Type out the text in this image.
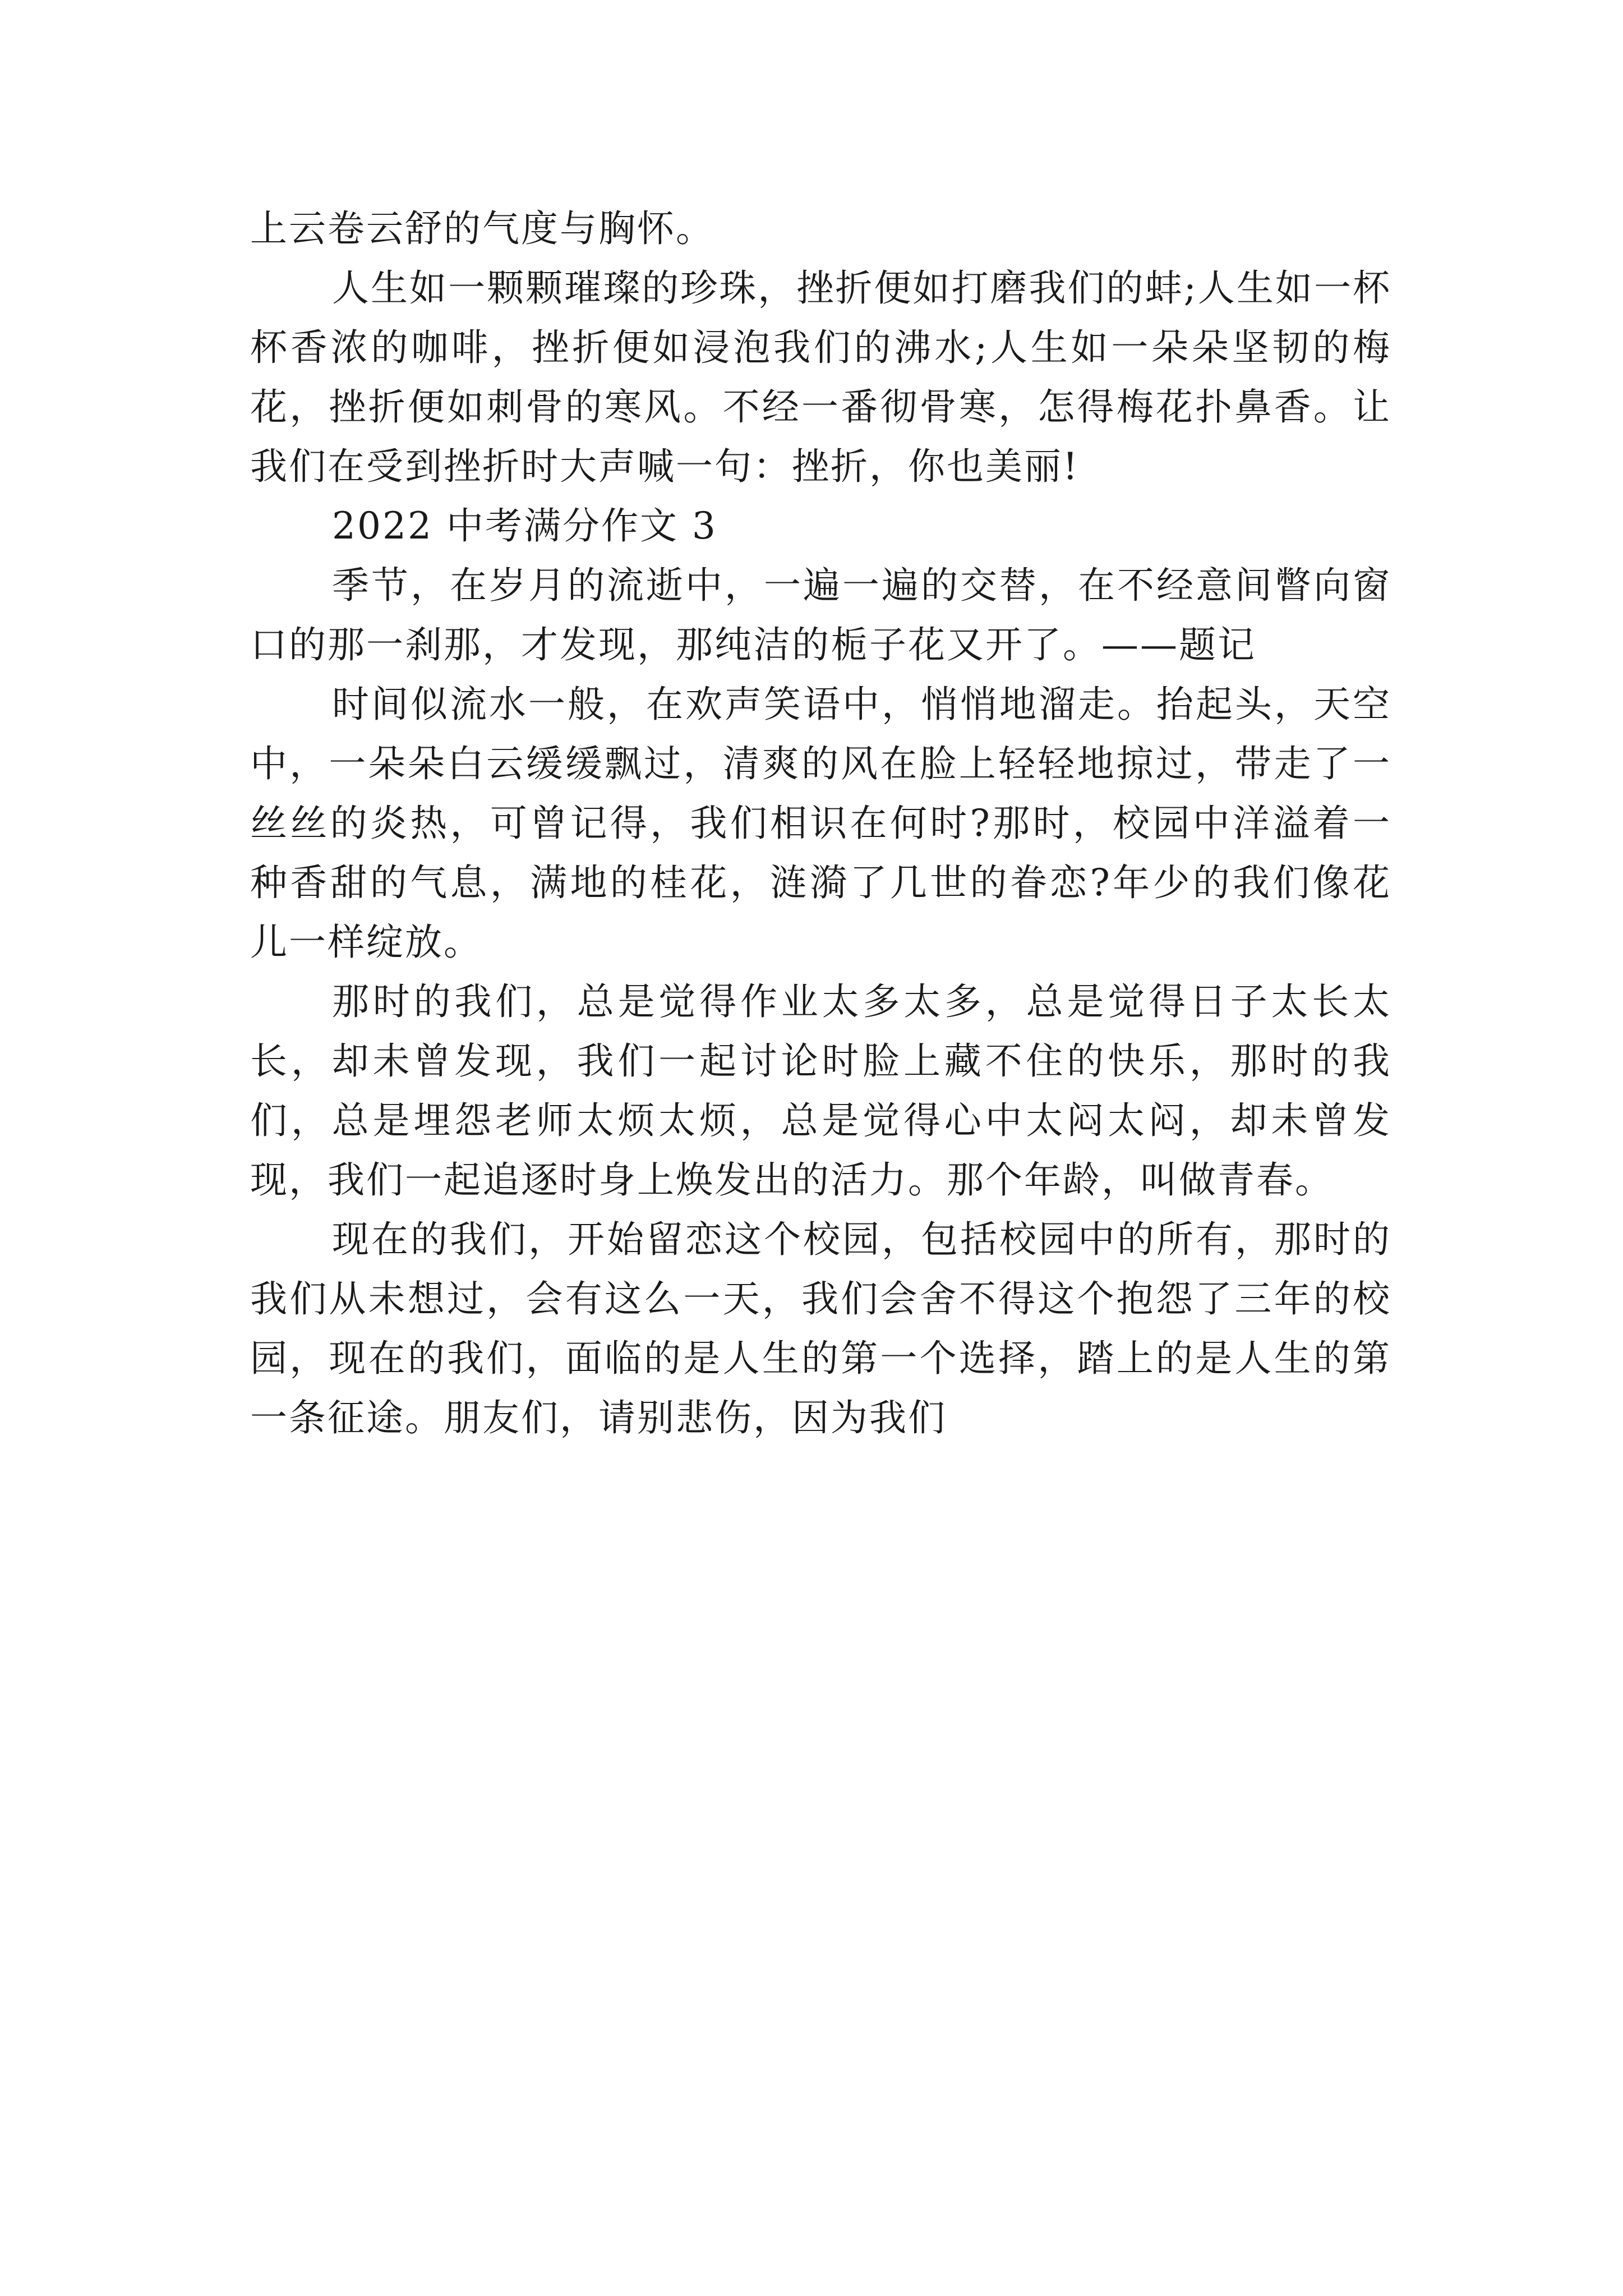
上云卷云舒的气度与胸怀。

人生如一颗颗璀璨的珍珠，挫折便如打磨我们的蚌;人生如一杯杯香浓的咖啡，挫折便如浸泡我们的沸水;人生如一朵朵坚韧的梅花，挫折便如刺骨的寒风。不经一番彻骨寒，怎得梅花扑鼻香。让我们在受到挫折时大声喊一句：挫折，你也美丽!

2022 中考满分作文 3

季节，在岁月的流逝中，一遍一遍的交替，在不经意间瞥向窗口的那一刹那，才发现，那纯洁的栀子花又开了。——题记

时间似流水一般，在欢声笑语中，悄悄地溜走。抬起头，天空中，一朵朵白云缓缓飘过，清爽的风在脸上轻轻地掠过，带走了一丝丝的炎热，可曾记得，我们相识在何时?那时，校园中洋溢着一种香甜的气息，满地的桂花，涟漪了几世的眷恋?年少的我们像花儿一样绽放。

那时的我们，总是觉得作业太多太多，总是觉得日子太长太长，却未曾发现，我们一起讨论时脸上藏不住的快乐，那时的我们，总是埋怨老师太烦太烦，总是觉得心中太闷太闷，却未曾发现，我们一起追逐时身上焕发出的活力。那个年龄，叫做青春。

现在的我们，开始留恋这个校园，包括校园中的所有，那时的我们从未想过，会有这么一天，我们会舍不得这个抱怨了三年的校园，现在的我们，面临的是人生的第一个选择，踏上的是人生的第一条征途。朋友们，请别悲伤，因为我们
